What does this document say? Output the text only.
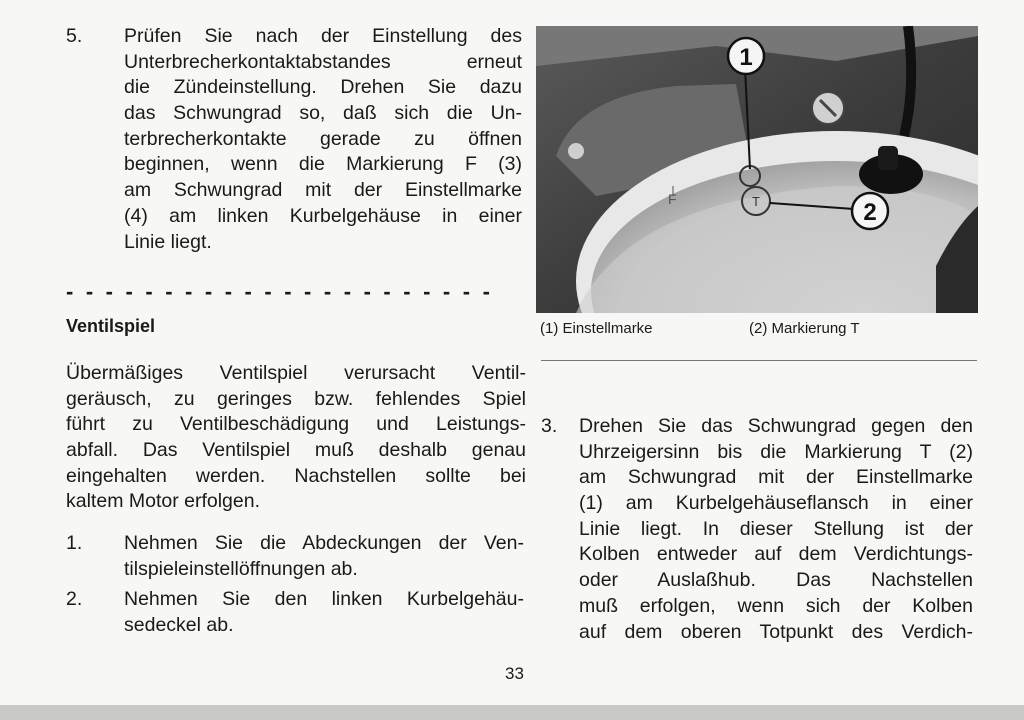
5. Prüfen Sie nach der Einstellung des
Unterbrecherkontaktabstandes erneut
die Zündeinstellung. Drehen Sie dazu
das Schwungrad so, daß sich die Un-
terbrecherkontakte gerade zu öffnen
beginnen, wenn die Markierung F (3)
am Schwungrad mit der Einstellmarke
(4) am linken Kurbelgehäuse in einer
Linie liegt.
- - - - - - - - - - - - - - - - - - - - - -
Ventilspiel
Übermäßiges Ventilspiel verursacht Ventil-
geräusch, zu geringes bzw. fehlendes Spiel
führt zu Ventilbeschädigung und Leistungs-
abfall. Das Ventilspiel muß deshalb genau
eingehalten werden. Nachstellen sollte bei
kaltem Motor erfolgen.
1. Nehmen Sie die Abdeckungen der Ven-
tilspieleinstellöffnungen ab.
2. Nehmen Sie den linken Kurbelgehäu-
sedeckel ab.
F	T
1
2
(1) Einstellmarke	(2) Markierung T
3. Drehen Sie das Schwungrad gegen den
Uhrzeigersinn bis die Markierung T (2)
am Schwungrad mit der Einstellmarke
(1) am Kurbelgehäuseflansch in einer
Linie liegt. In dieser Stellung ist der
Kolben entweder auf dem Verdichtungs-
oder Auslaßhub. Das Nachstellen
muß erfolgen, wenn sich der Kolben
auf dem oberen Totpunkt des Verdich-
33
